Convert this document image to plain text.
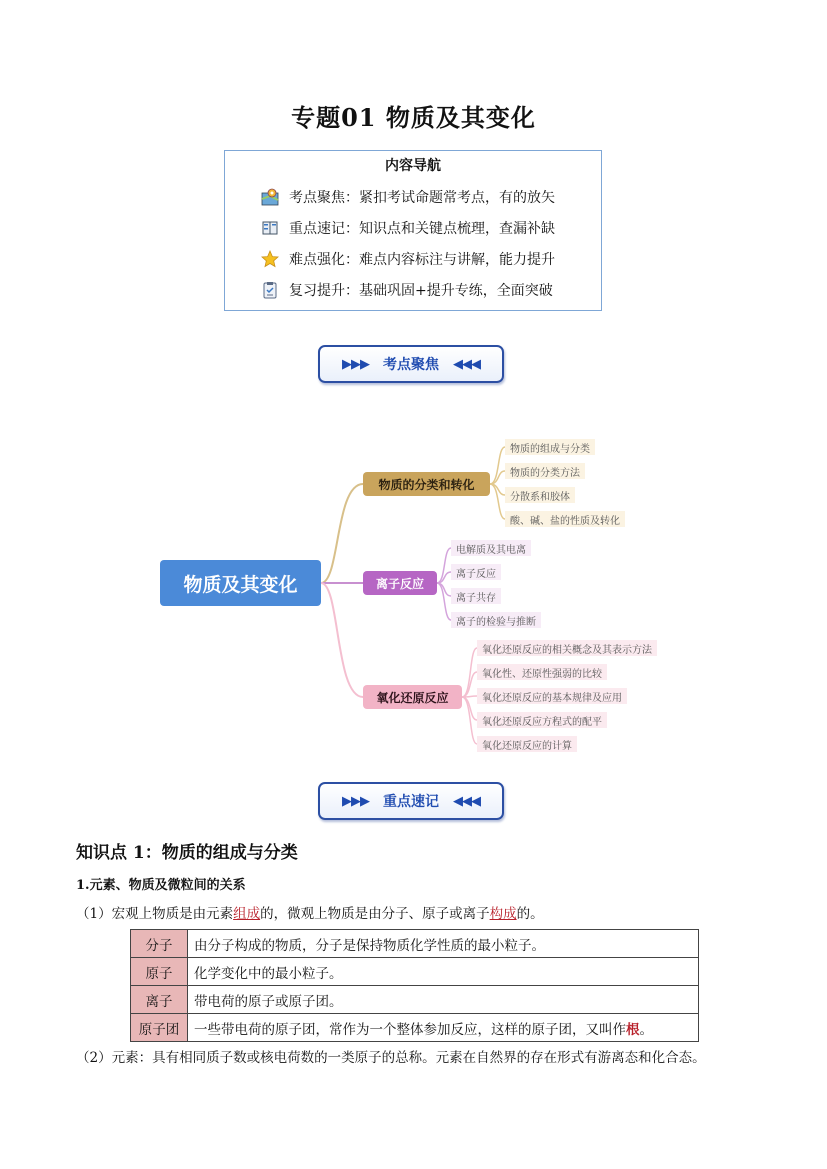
专题01 物质及其变化
内容导航
考点聚焦：紧扣考试命题常考点，有的放矢
重点速记：知识点和关键点梳理，查漏补缺
难点强化：难点内容标注与讲解，能力提升
复习提升：基础巩固+提升专练，全面突破
▶▶▶ 考点聚焦 ◀◀◀
物质及其变化
物质的分类和转化
离子反应
氧化还原反应
物质的组成与分类
物质的分类方法
分散系和胶体
酸、碱、盐的性质及转化
电解质及其电离
离子反应
离子共存
离子的检验与推断
氧化还原反应的相关概念及其表示方法
氧化性、还原性强弱的比较
氧化还原反应的基本规律及应用
氧化还原反应方程式的配平
氧化还原反应的计算
▶▶▶ 重点速记 ◀◀◀
知识点 1：物质的组成与分类
1.元素、物质及微粒间的关系
（1）宏观上物质是由元素组成的，微观上物质是由分子、原子或离子构成的。
分子	由分子构成的物质，分子是保持物质化学性质的最小粒子。
原子	化学变化中的最小粒子。
离子	带电荷的原子或原子团。
原子团	一些带电荷的原子团，常作为一个整体参加反应，这样的原子团，又叫作根。
（2）元素：具有相同质子数或核电荷数的一类原子的总称。元素在自然界的存在形式有游离态和化合态。
